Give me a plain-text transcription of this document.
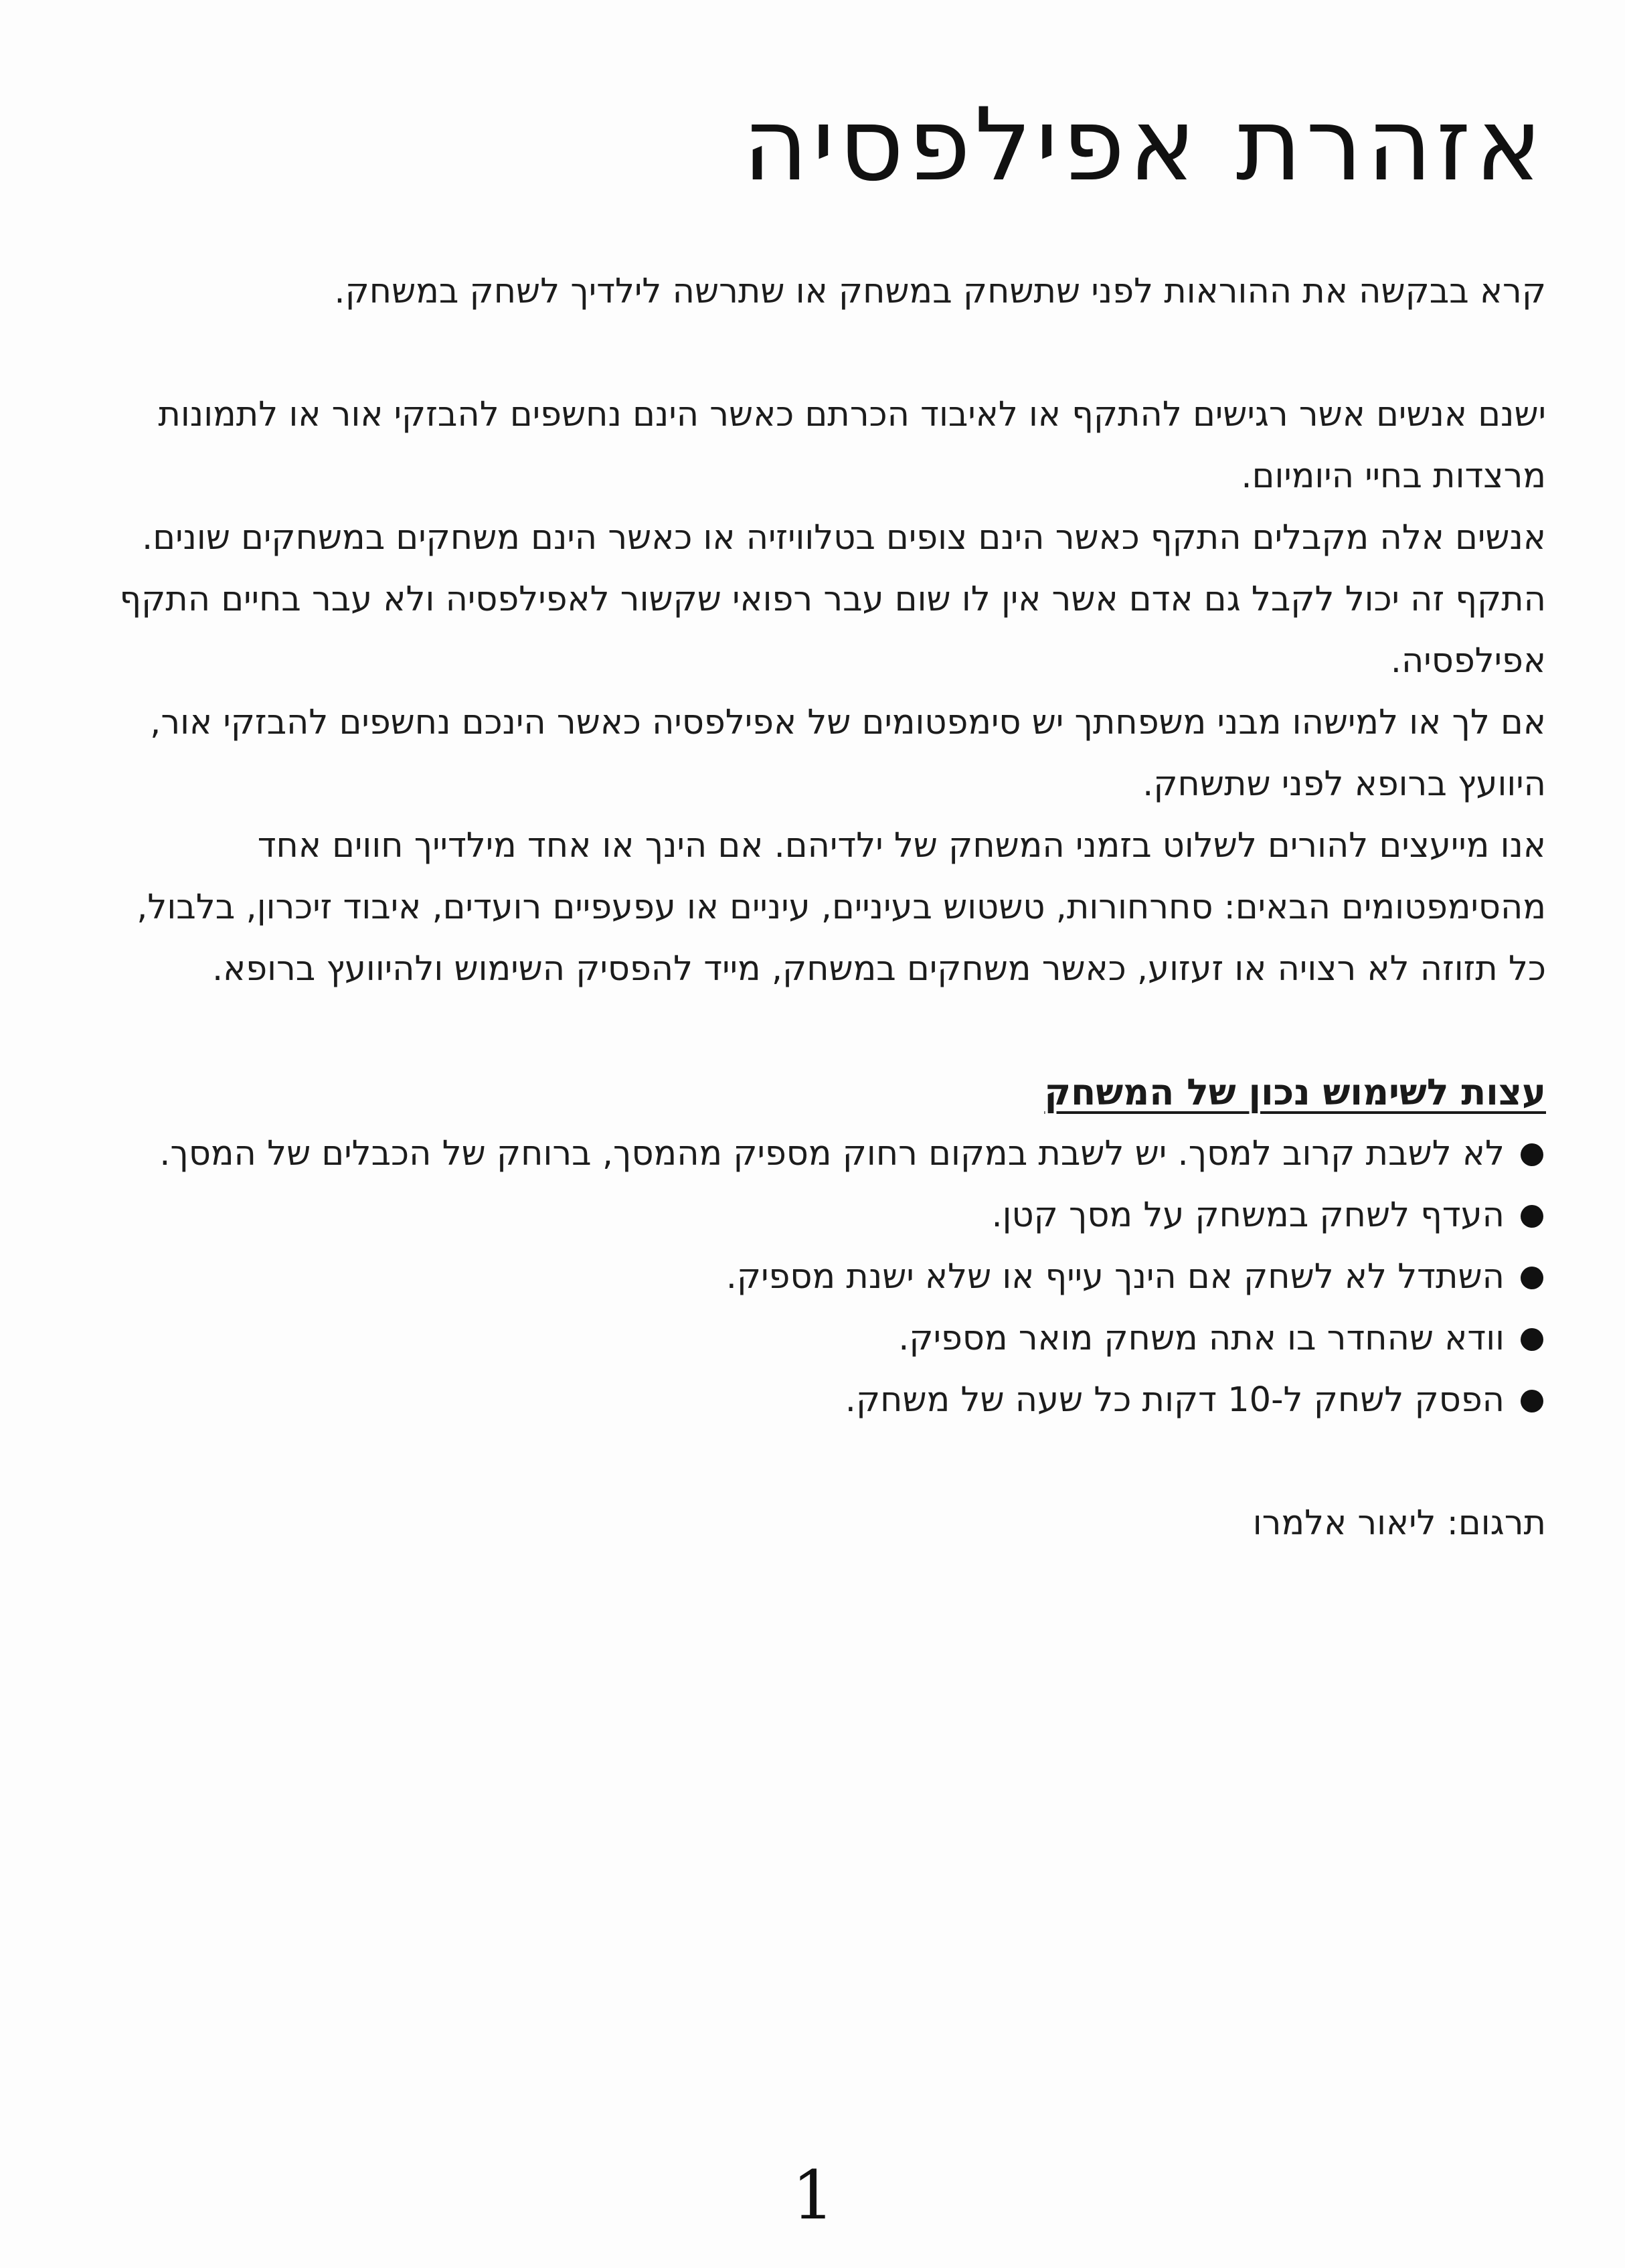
אזהרת אפילפסיה

קרא בבקשה את ההוראות לפני שתשחק במשחק או שתרשה לילדיך לשחק במשחק.

ישנם אנשים אשר רגישים להתקף או לאיבוד הכרתם כאשר הינם נחשפים להבזקי אור או לתמונות מרצדות בחיי היומיום.

אנשים אלה מקבלים התקף כאשר הינם צופים בטלוויזיה או כאשר הינם משחקים במשחקים שונים. התקף זה יכול לקבל גם אדם אשר אין לו שום עבר רפואי שקשור לאפילפסיה ולא עבר בחיים התקף אפילפסיה.

אם לך או למישהו מבני משפחתך יש סימפטומים של אפילפסיה כאשר הינכם נחשפים להבזקי אור, היוועץ ברופא לפני שתשחק.

אנו מייעצים להורים לשלוט בזמני המשחק של ילדיהם. אם הינך או אחד מילדייך חווים אחד מהסימפטומים הבאים: סחרחורות, טשטוש בעיניים, עיניים או עפעפיים רועדים, איבוד זיכרון, בלבול, כל תזוזה לא רצויה או זעזוע, כאשר משחקים במשחק, מייד להפסיק השימוש ולהיוועץ ברופא.

עצות לשימוש נכון של המשחק
לא לשבת קרוב למסך. יש לשבת במקום רחוק מספיק מהמסך, ברוחק של הכבלים של המסך.
העדף לשחק במשחק על מסך קטן.
השתדל לא לשחק אם הינך עייף או שלא ישנת מספיק.
וודא שהחדר בו אתה משחק מואר מספיק.
הפסק לשחק ל-10 דקות כל שעה של משחק.

תרגום: ליאור אלמרו

1
